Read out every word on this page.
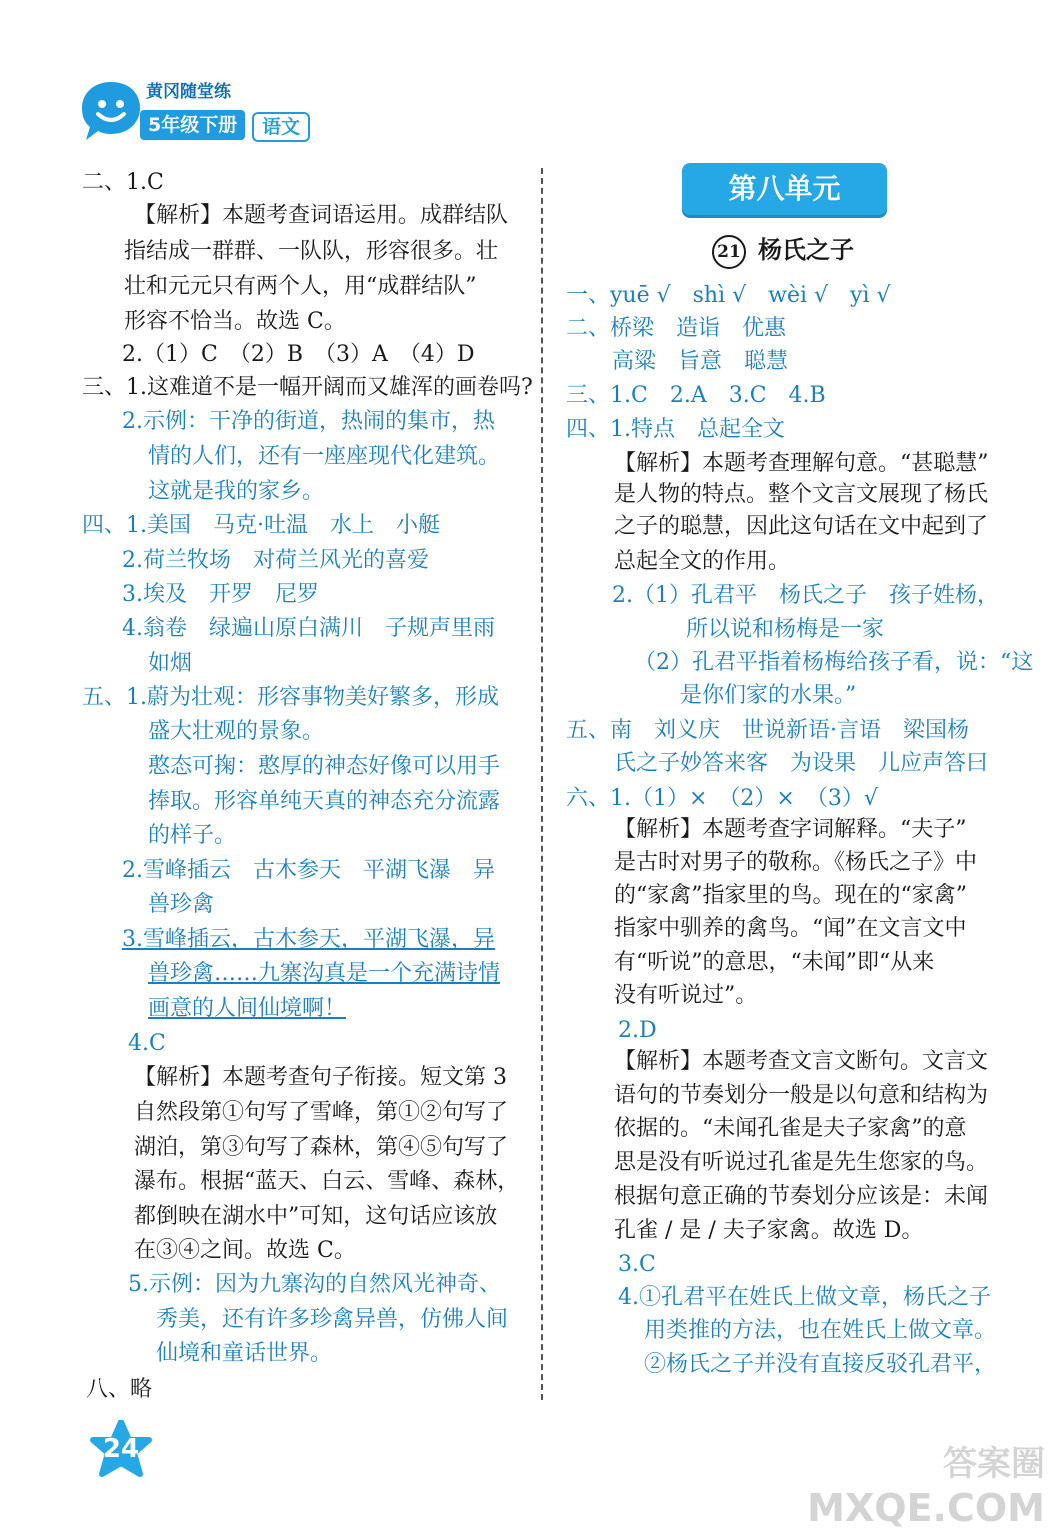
黄冈随堂练
5年级下册	语文
二、1.C
【解析】本题考查词语运用。成群结队
指结成一群群、一队队，形容很多。壮
壮和元元只有两个人，用“成群结队”
形容不恰当。故选 C。
2.（1）C　（2）B　（3）A　（4）D
三、1.这难道不是一幅开阔而又雄浑的画卷吗?
2.示例：干净的街道，热闹的集市，热
情的人们，还有一座座现代化建筑。
这就是我的家乡。
四、1.美国　马克·吐温　水上　小艇
2.荷兰牧场　对荷兰风光的喜爱
3.埃及　开罗　尼罗
4.翁卷　绿遍山原白满川　子规声里雨
如烟
五、1.蔚为壮观：形容事物美好繁多，形成
盛大壮观的景象。
憨态可掬：憨厚的神态好像可以用手
捧取。形容单纯天真的神态充分流露
的样子。
2.雪峰插云　古木参天　平湖飞瀑　异
兽珍禽
3.雪峰插云，古木参天，平湖飞瀑，异
兽珍禽……九寨沟真是一个充满诗情
画意的人间仙境啊！
4.C
【解析】本题考查句子衔接。短文第 3
自然段第①句写了雪峰，第①②句写了
湖泊，第③句写了森林，第④⑤句写了
瀑布。根据“蓝天、白云、雪峰、森林，
都倒映在湖水中”可知，这句话应该放
在③④之间。故选 C。
5.示例：因为九寨沟的自然风光神奇、
秀美，还有许多珍禽异兽，仿佛人间
仙境和童话世界。
八、略
第八单元
21 杨氏之子
一、yuē √　shì √　wèi √　yì √
二、桥梁　造诣　优惠
高粱　旨意　聪慧
三、1.C　2.A　3.C　4.B
四、1.特点　总起全文
【解析】本题考查理解句意。“甚聪慧”
是人物的特点。整个文言文展现了杨氏
之子的聪慧，因此这句话在文中起到了
总起全文的作用。
2.（1）孔君平　杨氏之子　孩子姓杨，
所以说和杨梅是一家
（2）孔君平指着杨梅给孩子看，说：“这
是你们家的水果。”
五、南　刘义庆　世说新语·言语　梁国杨
氏之子妙答来客　为设果　儿应声答曰
六、1.（1）×　（2）×　（3）√
【解析】本题考查字词解释。“夫子”
是古时对男子的敬称。《杨氏之子》中
的“家禽”指家里的鸟。现在的“家禽”
指家中驯养的禽鸟。“闻”在文言文中
有“听说”的意思，“未闻”即“从来
没有听说过”。
2.D
【解析】本题考查文言文断句。文言文
语句的节奏划分一般是以句意和结构为
依据的。“未闻孔雀是夫子家禽”的意
思是没有听说过孔雀是先生您家的鸟。
根据句意正确的节奏划分应该是：未闻
孔雀 / 是 / 夫子家禽。故选 D。
3.C
4.①孔君平在姓氏上做文章，杨氏之子
用类推的方法，也在姓氏上做文章。
②杨氏之子并没有直接反驳孔君平，
24	答案圈
MXQE.COM
